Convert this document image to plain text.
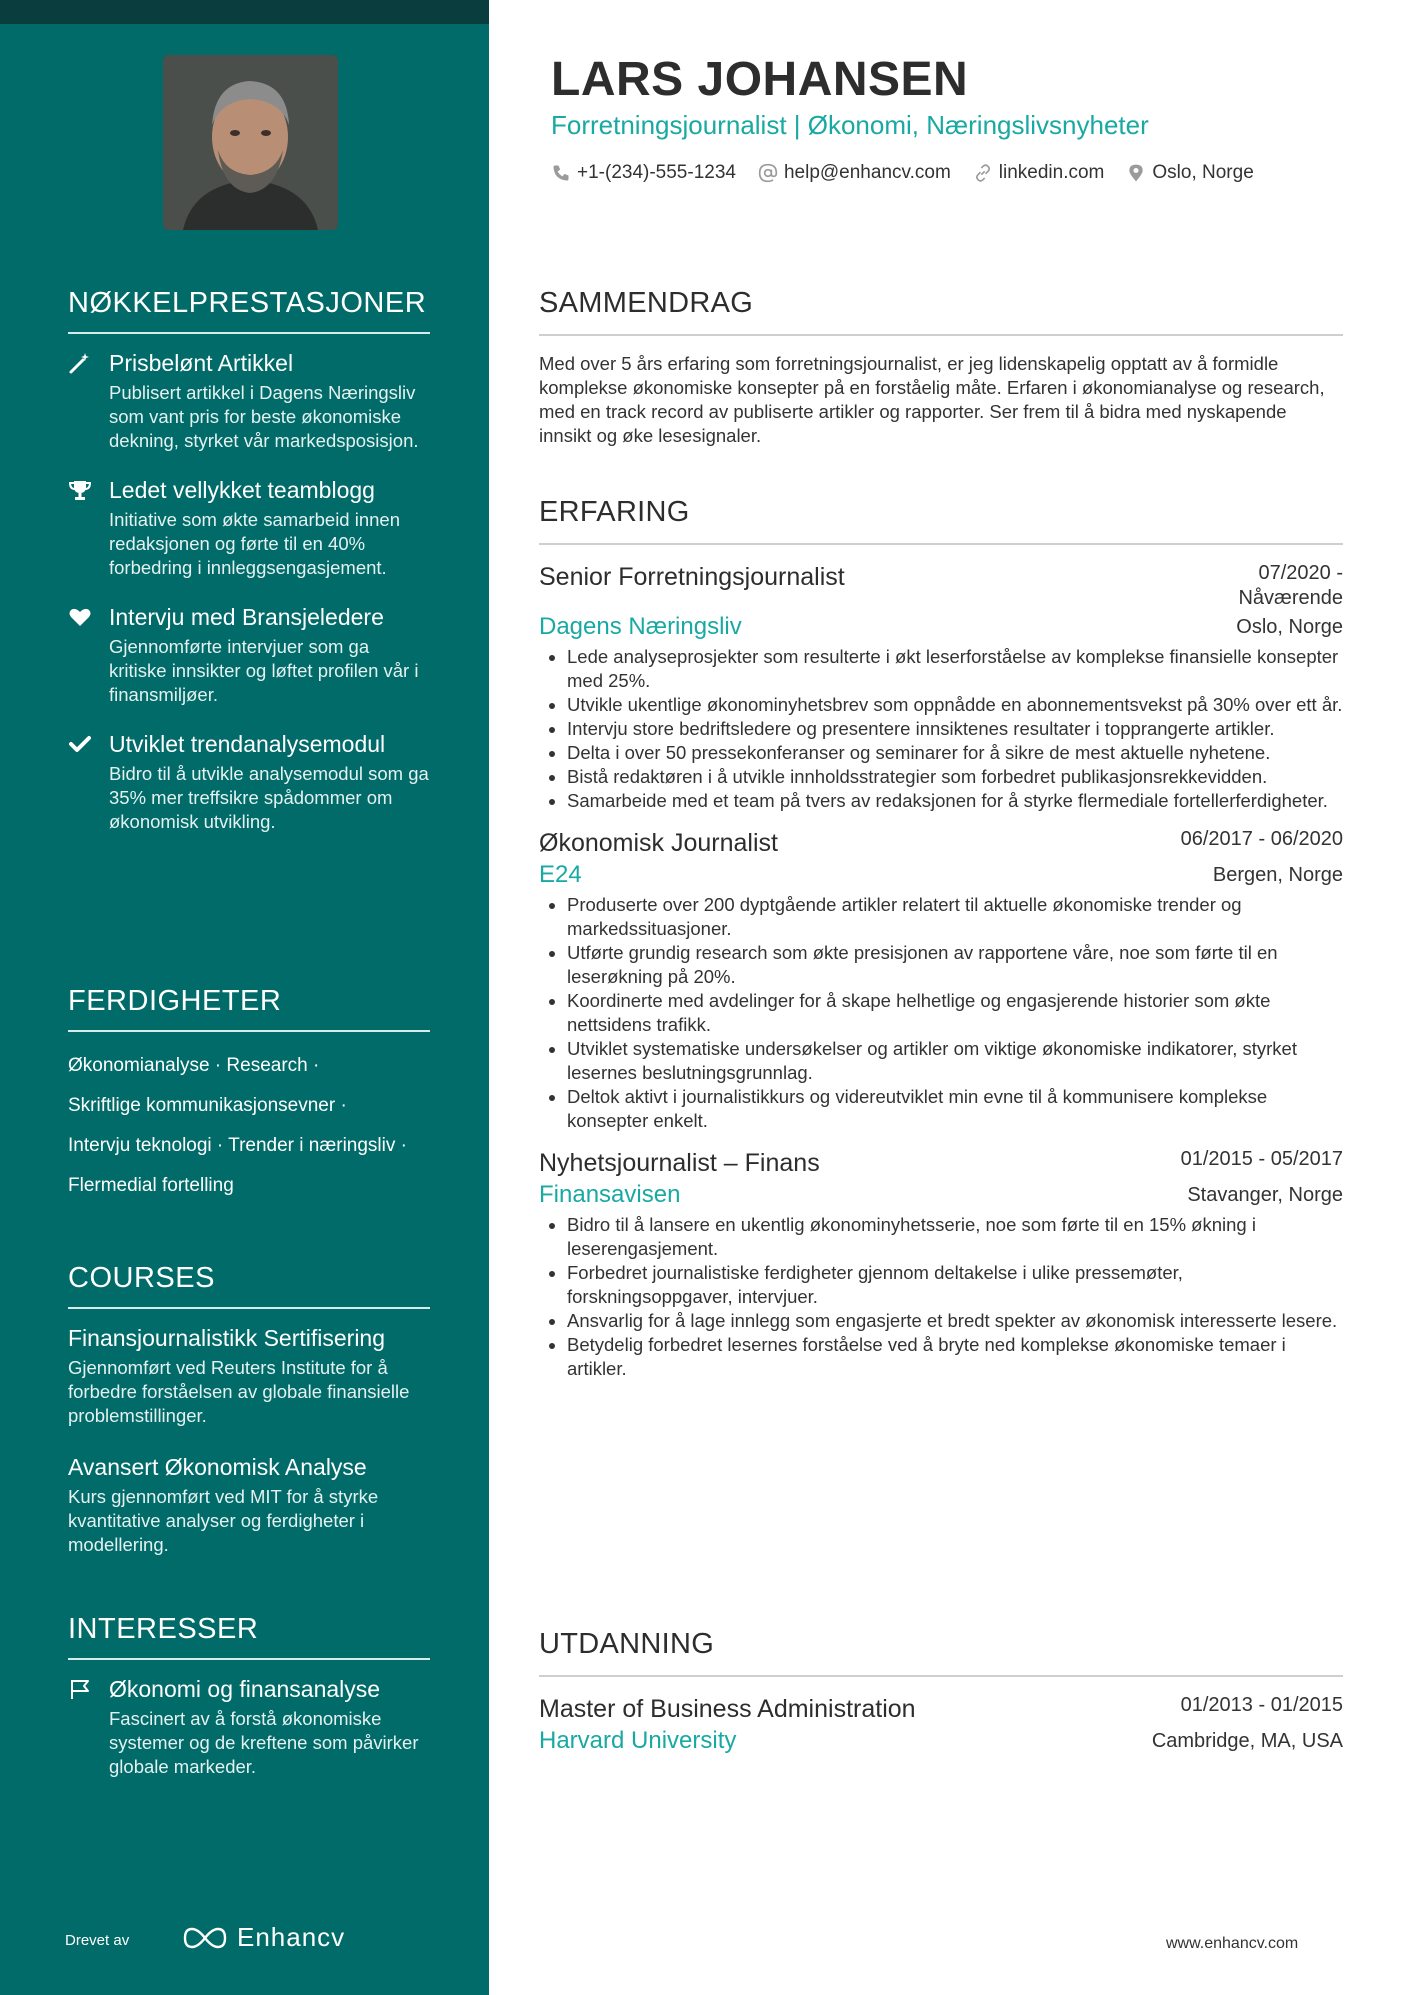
NØKKELPRESTASJONER
Prisbelønt Artikkel
Publisert artikkel i Dagens Næringsliv som vant pris for beste økonomiske dekning, styrket vår markedsposisjon.
Ledet vellykket teamblogg
Initiative som økte samarbeid innen redaksjonen og førte til en 40% forbedring i innleggsengasjement.
Intervju med Bransjeledere
Gjennomførte intervjuer som ga kritiske innsikter og løftet profilen vår i finansmiljøer.
Utviklet trendanalysemodul
Bidro til å utvikle analysemodul som ga 35% mer treffsikre spådommer om økonomisk utvikling.
FERDIGHETER
Økonomianalyse · Research ·
Skriftlige kommunikasjonsevner ·
Intervju teknologi · Trender i næringsliv ·
Flermedial fortelling
COURSES
Finansjournalistikk Sertifisering
Gjennomført ved Reuters Institute for å forbedre forståelsen av globale finansielle problemstillinger.
Avansert Økonomisk Analyse
Kurs gjennomført ved MIT for å styrke kvantitative analyser og ferdigheter i modellering.
INTERESSER
Økonomi og finansanalyse
Fascinert av å forstå økonomiske systemer og de kreftene som påvirker globale markeder.
Drevet av	Enhancv
LARS JOHANSEN
Forretningsjournalist | Økonomi, Næringslivsnyheter
+1-(234)-555-1234	help@enhancv.com	linkedin.com	Oslo, Norge
SAMMENDRAG

Med over 5 års erfaring som forretningsjournalist, er jeg lidenskapelig opptatt av å formidle komplekse økonomiske konsepter på en forståelig måte. Erfaren i økonomianalyse og research, med en track record av publiserte artikler og rapporter. Ser frem til å bidra med nyskapende innsikt og øke lesesignaler.

ERFARING
Senior Forretningsjournalist	07/2020 -
Nåværende
Dagens Næringsliv	Oslo, Norge
• Lede analyseprosjekter som resulterte i økt leserforståelse av komplekse finansielle konsepter med 25%.
• Utvikle ukentlige økonominyhetsbrev som oppnådde en abonnementsvekst på 30% over ett år.
• Intervju store bedriftsledere og presentere innsiktenes resultater i topprangerte artikler.
• Delta i over 50 pressekonferanser og seminarer for å sikre de mest aktuelle nyhetene.
• Bistå redaktøren i å utvikle innholdsstrategier som forbedret publikasjonsrekkevidden.
• Samarbeide med et team på tvers av redaksjonen for å styrke flermediale fortellerferdigheter.
Økonomisk Journalist	06/2017 - 06/2020
E24	Bergen, Norge
• Produserte over 200 dyptgående artikler relatert til aktuelle økonomiske trender og markedssituasjoner.
• Utførte grundig research som økte presisjonen av rapportene våre, noe som førte til en leserøkning på 20%.
• Koordinerte med avdelinger for å skape helhetlige og engasjerende historier som økte nettsidens trafikk.
• Utviklet systematiske undersøkelser og artikler om viktige økonomiske indikatorer, styrket lesernes beslutningsgrunnlag.
• Deltok aktivt i journalistikkurs og videreutviklet min evne til å kommunisere komplekse konsepter enkelt.
Nyhetsjournalist – Finans	01/2015 - 05/2017
Finansavisen	Stavanger, Norge
• Bidro til å lansere en ukentlig økonominyhetsserie, noe som førte til en 15% økning i leserengasjement.
• Forbedret journalistiske ferdigheter gjennom deltakelse i ulike pressemøter, forskningsoppgaver, intervjuer.
• Ansvarlig for å lage innlegg som engasjerte et bredt spekter av økonomisk interesserte lesere.
• Betydelig forbedret lesernes forståelse ved å bryte ned komplekse økonomiske temaer i artikler.
UTDANNING
Master of Business Administration	01/2013 - 01/2015
Harvard University	Cambridge, MA, USA
www.enhancv.com
